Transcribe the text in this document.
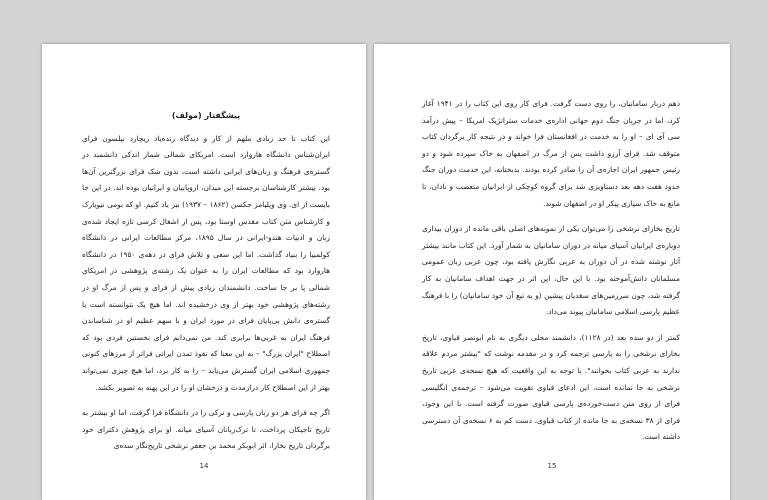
پیشگفتار (مولف)

این کتاب تا حد زیادی ملهم از کار و دیدگاه زنده‌یاد ریچارد نیلسون فرای ایران‌شناس دانشگاه هاروارد است. امریکای شمالی شمار اندکی دانشمند در گستره‌ی فرهنگ و زبان‌های ایرانی داشته است، بدون شک فرای بزرگترین آن‌ها بود. بیشتر کارشناسان برجسته این میدان، اروپاییان و ایرانیان بوده اند. در این جا بایست از ای. وی ویلیامز جکسن (۱۸۶۲ – ۱۹۳۷) نیز یاد کنیم. او که بومی نیویارک و کارشناس متن کتاب مقدس اوستا بود، پس از اشغال کرسی تازه ایجاد شده‌ی زبان و ادبیات هندو-ایرانی در سال ۱۸۹۵، مرکز مطالعات ایرانی در دانشگاه کولمبیا را بنیاد گذاشت. اما این سعی و تلاش فرای در دهه‌ی ۱۹۵۰ در دانشگاه هاروارد بود که مطالعات ایران را به عنوان یک رشته‌ی پژوهشی در امریکای شمالی پا بر جا ساخت. دانشمندان زیادی پیش از فرای و پس از مرگ او در رشته‌های پژوهشی خود بهتر از وی درخشیده اند. اما هیچ یک نتوانسته است با گستره‌ی دانش بی‌پایان فرای در مورد ایران و با سهم عظیم او در شناساندن فرهنگ ایران به غربی‌ها برابری کند. من نمی‌دانم فرای نخستین فردی بود که اصطلاح "ایران بزرگ" – به این معنا که نفوذ تمدن ایرانی فراتر از مرزهای کنونی جمهوری اسلامی ایران گسترش می‌یابد – را به کار برد، اما هیچ چیزی نمی‌تواند بهتر از این اصطلاح کار درازمدت و درخشان او را در این پهنه به تصویر بکشد.

اگر چه فرای هر دو زبان پارسی و ترکی را در دانشگاه فرا گرفت، اما او بیشتر به تاریخ تاجیکان پرداخت، تا ترک‌زبانان آسیای میانه. او برای پژوهش دکترای خود برگردان تاریخ بخارا، اثر ابوبکر محمد بن جعفر نرشخی تاریخ‌نگار سده‌ی

14

دهم دربار سامانیان، را روی دست گرفت. فرای کار روی این کتاب را در ۱۹۴۱ آغاز کرد، اما در جریان جنگ دوم جهانی اداره‌ی خدمات ستراتژیک امریکا – پیش درآمد سی آی ای – او را به خدمت در افغانستان فرا خواند و در نتیجه کار برگردان کتاب متوقف شد. فرای آرزو داشت پس از مرگ در اصفهان به خاک سپرده شود و دو رئیس جمهور ایران اجازه‌ی آن را صادر کرده بودند. بدبختانه، این خدمت دوران جنگ حدود هفت دهه بعد دستاویزی شد برای گروه کوچکی از ایرانیان متعصب و نادان، تا مانع به خاک سپاری پیکر او در اصفهان شوند.

تاریخ بخارای نرشخی را می‌توان یکی از نمونه‌های اصلی باقی مانده از دوران بیداری دوباره‌ی ایرانیان آسیای میانه در دوران سامانیان به شمار آورد. این کتاب مانند بیشتر آثار نوشته شده در آن دوران به عربی نگارش یافته بود، چون عربی زبان عمومی مسلمانان دانش‌آموخته بود. با این حال، این اثر در جهت اهداف سامانیان به کار گرفته شد، چون سرزمین‌های سغدیان پیشین (و به تبع آن خود سامانیان) را با فرهنگ عظیم پارسی اسلامی سامانیان پیوند می‌داد.

کمتر از دو سده بعد (در ۱۱۲۸)، دانشمند محلی دیگری به نام ابونصر قباوی، تاریخ بخارای نرشخی را به پارسی ترجمه کرد و در مقدمه نوشت که "بیشتر مردم علاقه ندارند به عربی کتاب بخوانند". با توجه به این واقعیت که هیچ نسخه‌ی عربی تاریخ نرشخی به جا نمانده است، این ادعای قباوی تقویت می‌شود – ترجمه‌ی انگلیسی فرای از روی متن دست‌خورده‌ی پارسی قباوی صورت گرفته است. با این وجود، فرای از ۳۸ نسخه‌ی به جا مانده از کتاب قباوی، دست کم به ۶ نسخه‌ی آن دسترسی داشته است.

15
